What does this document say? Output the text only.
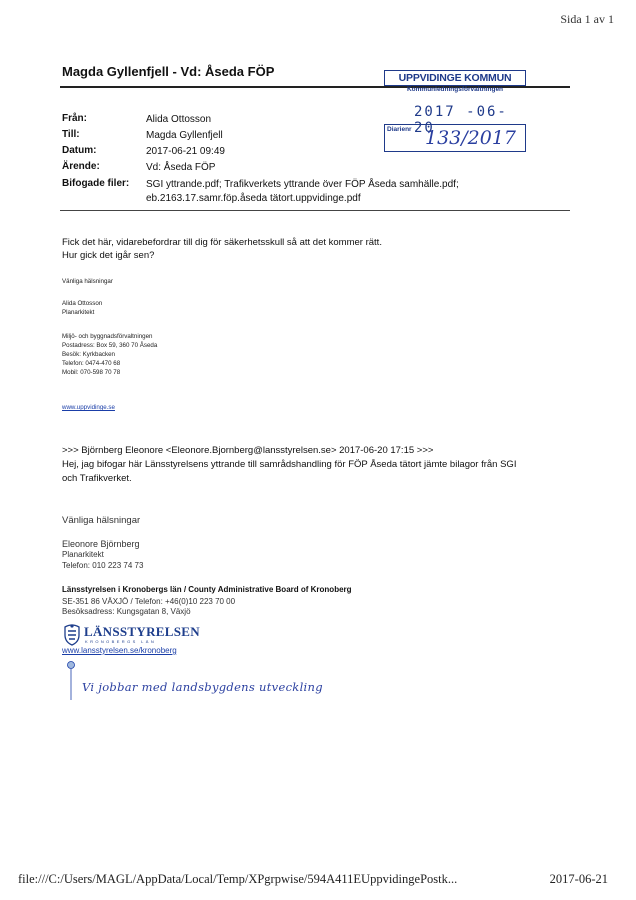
Sida 1 av 1
Magda Gyllenfjell - Vd: Åseda FÖP	UPPVIDINGE KOMMUN
Kommunledningsförvaltningen
2017 -06- 20
Diarienr 133/2017
Från:	Alida Ottosson
Till:	Magda Gyllenfjell
Datum:	2017-06-21 09:49
Ärende:	Vd: Åseda FÖP
Bifogade filer: SGI yttrande.pdf; Trafikverkets yttrande över FÖP Åseda samhälle.pdf;
eb.2163.17.samr.föp.åseda tätort.uppvidinge.pdf
Fick det här, vidarebefordrar till dig för säkerhetsskull så att det kommer rätt.
Hur gick det igår sen?
Vänliga hälsningar
Alida Ottosson
Planarkitekt
Miljö- och byggnadsförvaltningen
Postadress: Box 59, 360 70 Åseda
Besök: Kyrkbacken
Telefon: 0474-470 68
Mobil: 070-598 70 78
www.uppvidinge.se
>>> Björnberg Eleonore <Eleonore.Bjornberg@lansstyrelsen.se> 2017-06-20 17:15 >>>
Hej, jag bifogar här Länsstyrelsens yttrande till samrådshandling för FÖP Åseda tätort jämte bilagor från SGI
och Trafikverket.
Vänliga hälsningar
Eleonore Björnberg
Planarkitekt
Telefon: 010 223 74 73
Länsstyrelsen i Kronobergs län / County Administrative Board of Kronoberg
SE-351 86 VÄXJÖ / Telefon: +46(0)10 223 70 00
Besöksadress: Kungsgatan 8, Växjö
LÄNSSTYRELSEN
KRONOBERGS LÄN
www.lansstyrelsen.se/kronoberg
Vi jobbar med landsbygdens utveckling
file:///C:/Users/MAGL/AppData/Local/Temp/XPgrpwise/594A411EUppvidingePostk...	2017-06-21
